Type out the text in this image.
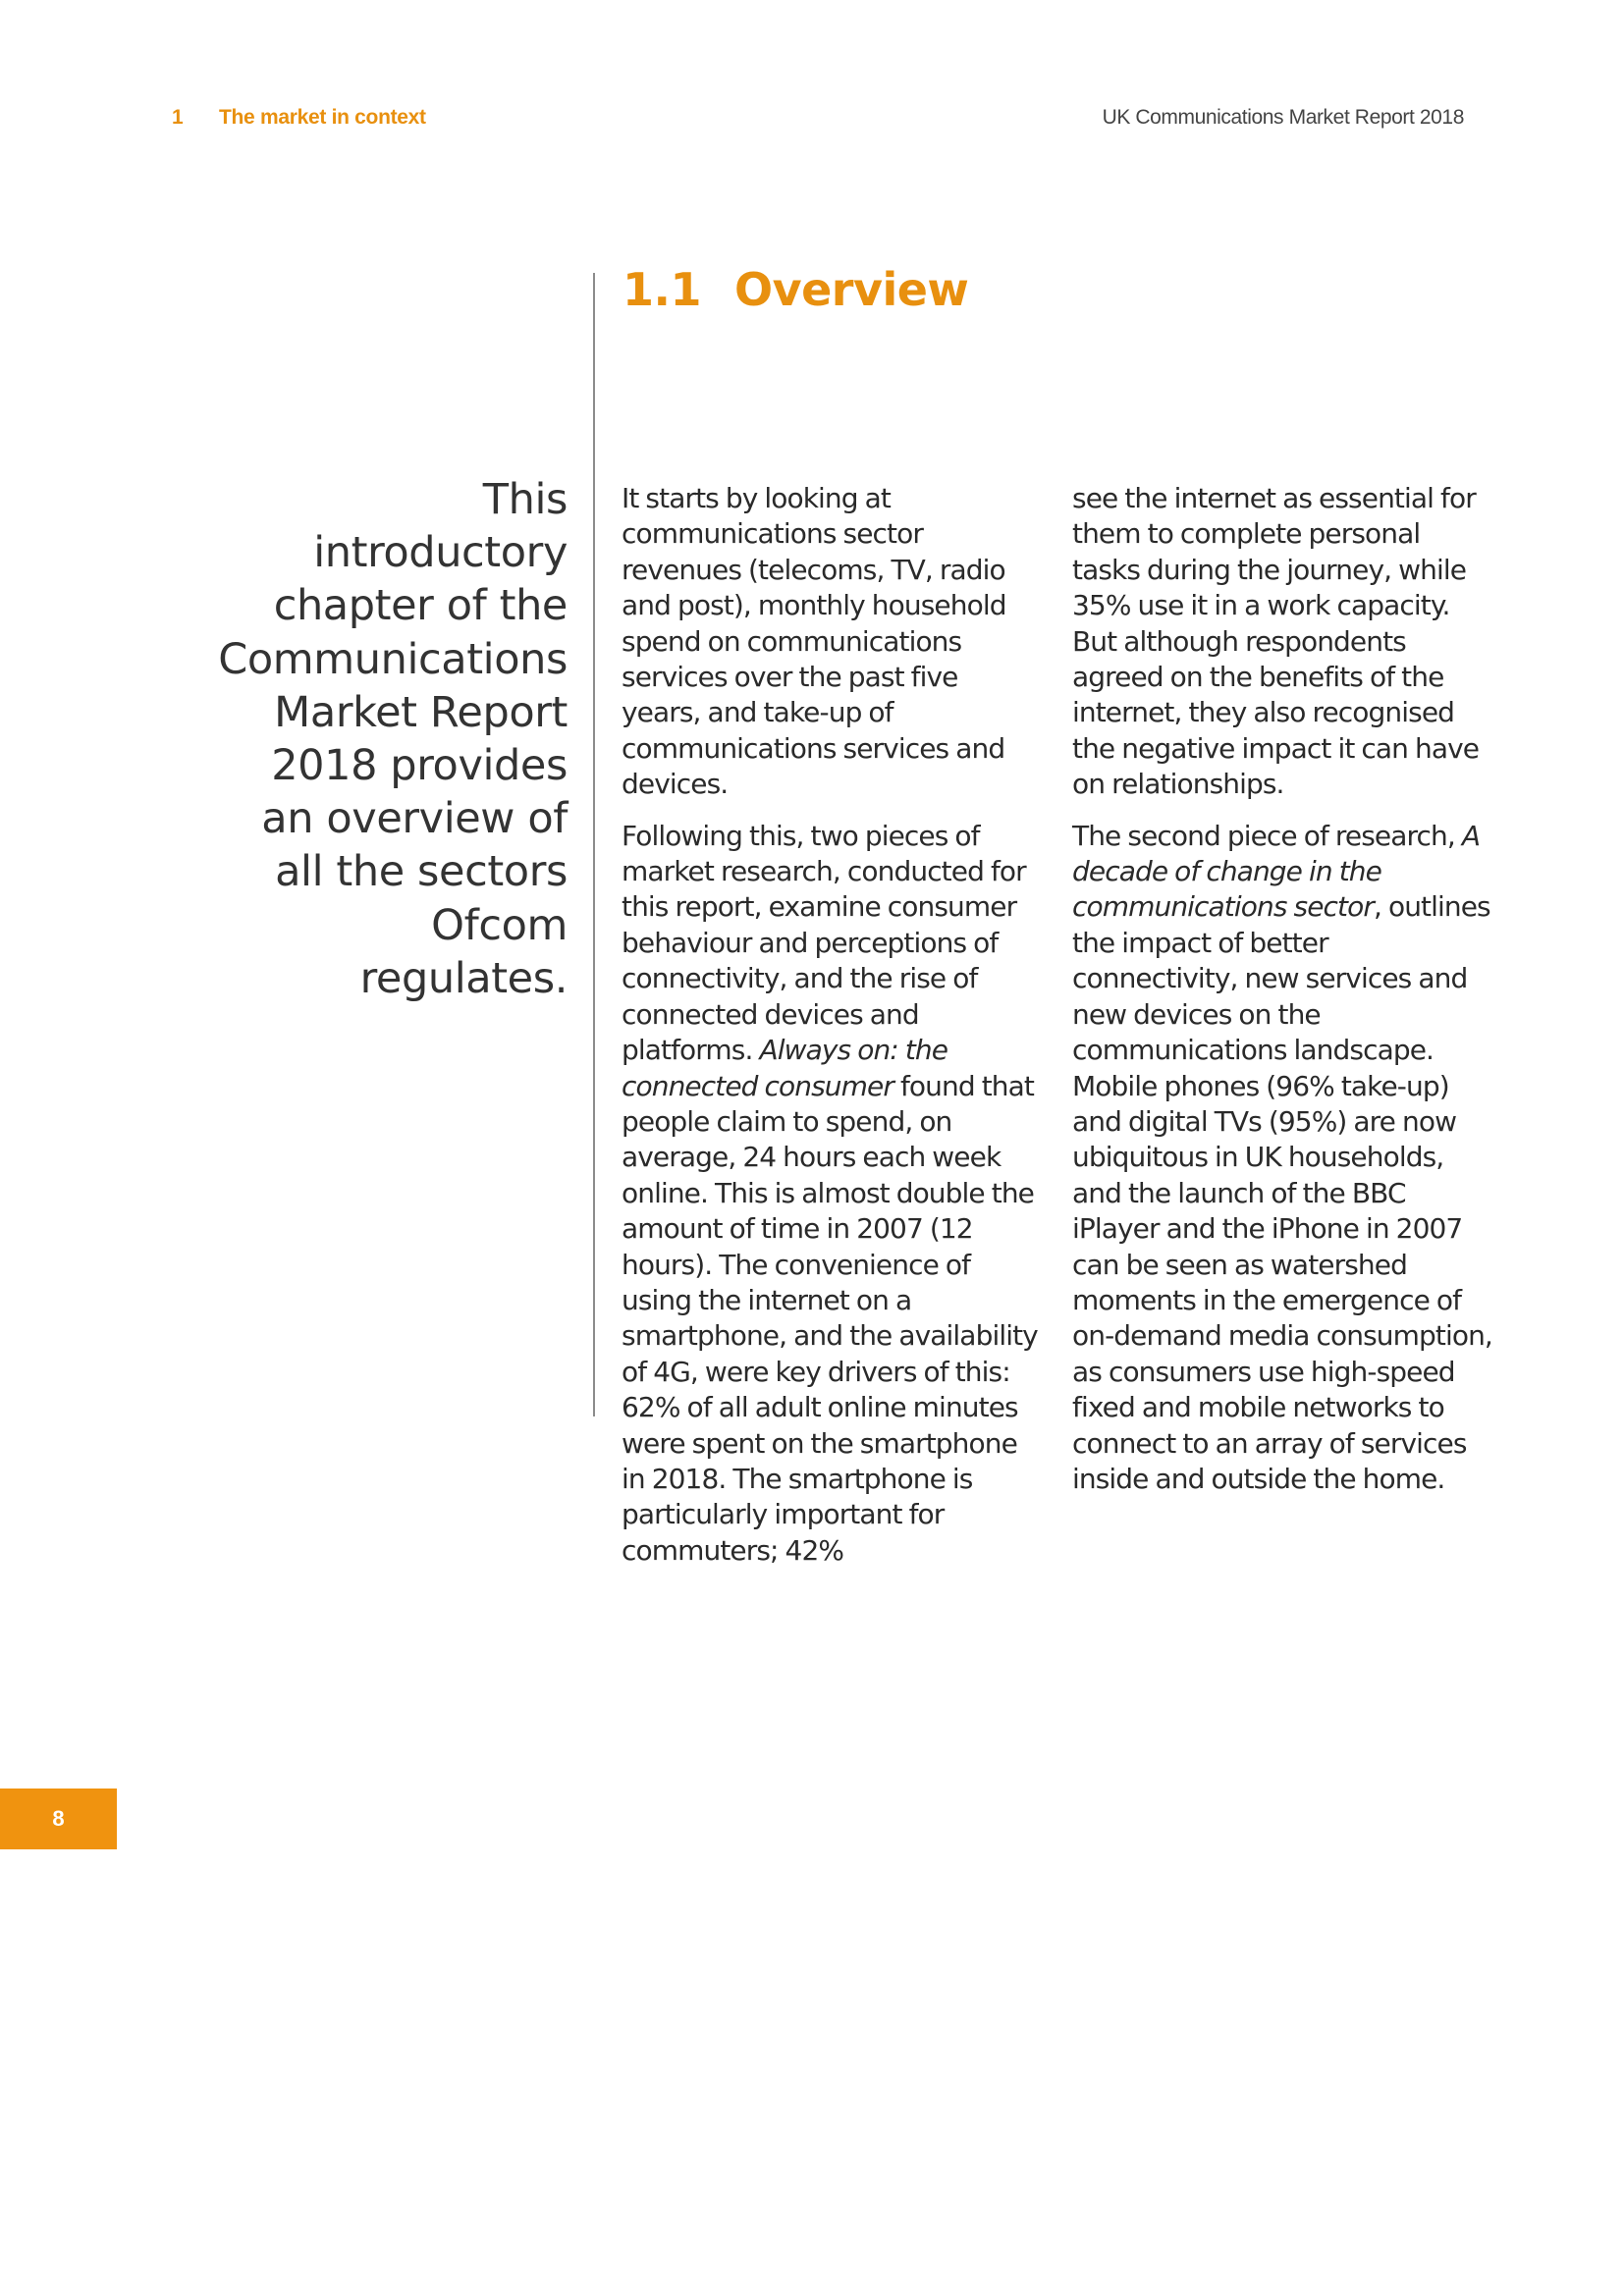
1 The market in context	UK Communications Market Report 2018
1.1 Overview
This introductory chapter of the Communications Market Report 2018 provides an overview of all the sectors Ofcom regulates.

It starts by looking at communications sector revenues (telecoms, TV, radio and post), monthly household spend on communications services over the past five years, and take-up of communications services and devices.

Following this, two pieces of market research, conducted for this report, examine consumer behaviour and perceptions of connectivity, and the rise of connected devices and platforms. Always on: the connected consumer found that people claim to spend, on average, 24 hours each week online. This is almost double the amount of time in 2007 (12 hours). The convenience of using the internet on a smartphone, and the availability of 4G, were key drivers of this: 62% of all adult online minutes were spent on the smartphone in 2018. The smartphone is particularly important for commuters; 42%

see the internet as essential for them to complete personal tasks during the journey, while 35% use it in a work capacity. But although respondents agreed on the benefits of the internet, they also recognised the negative impact it can have on relationships.

The second piece of research, A decade of change in the communications sector, outlines the impact of better connectivity, new services and new devices on the communications landscape. Mobile phones (96% take-up) and digital TVs (95%) are now ubiquitous in UK households, and the launch of the BBC iPlayer and the iPhone in 2007 can be seen as watershed moments in the emergence of on-demand media consumption, as consumers use high-speed fixed and mobile networks to connect to an array of services inside and outside the home.

8
